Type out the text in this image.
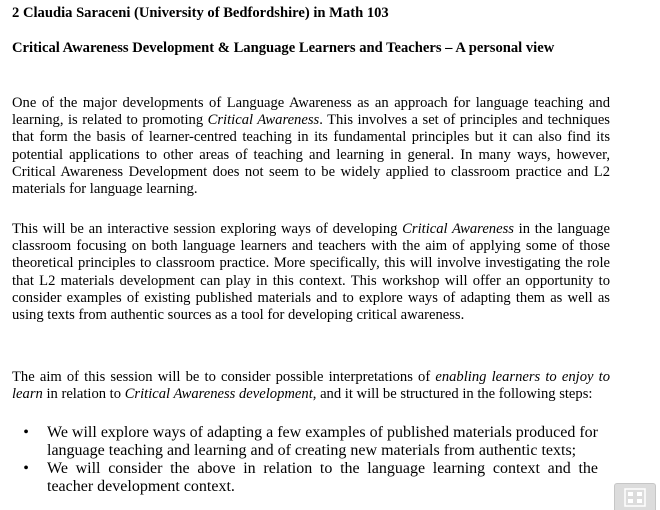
2 Claudia Saraceni (University of Bedfordshire) in Math 103

Critical Awareness Development & Language Learners and Teachers – A personal view

One of the major developments of Language Awareness as an approach for language teaching and learning, is related to promoting Critical Awareness. This involves a set of principles and techniques that form the basis of learner-centred teaching in its fundamental principles but it can also find its potential applications to other areas of teaching and learning in general. In many ways, however, Critical Awareness Development does not seem to be widely applied to classroom practice and L2 materials for language learning.

This will be an interactive session exploring ways of developing Critical Awareness in the language classroom focusing on both language learners and teachers with the aim of applying some of those theoretical principles to classroom practice. More specifically, this will involve investigating the role that L2 materials development can play in this context. This workshop will offer an opportunity to consider examples of existing published materials and to explore ways of adapting them as well as using texts from authentic sources as a tool for developing critical awareness.

The aim of this session will be to consider possible interpretations of enabling learners to enjoy to learn in relation to Critical Awareness development, and it will be structured in the following steps:

• We will explore ways of adapting a few examples of published materials produced for language teaching and learning and of creating new materials from authentic texts;
• We will consider the above in relation to the language learning context and the teacher development context.
